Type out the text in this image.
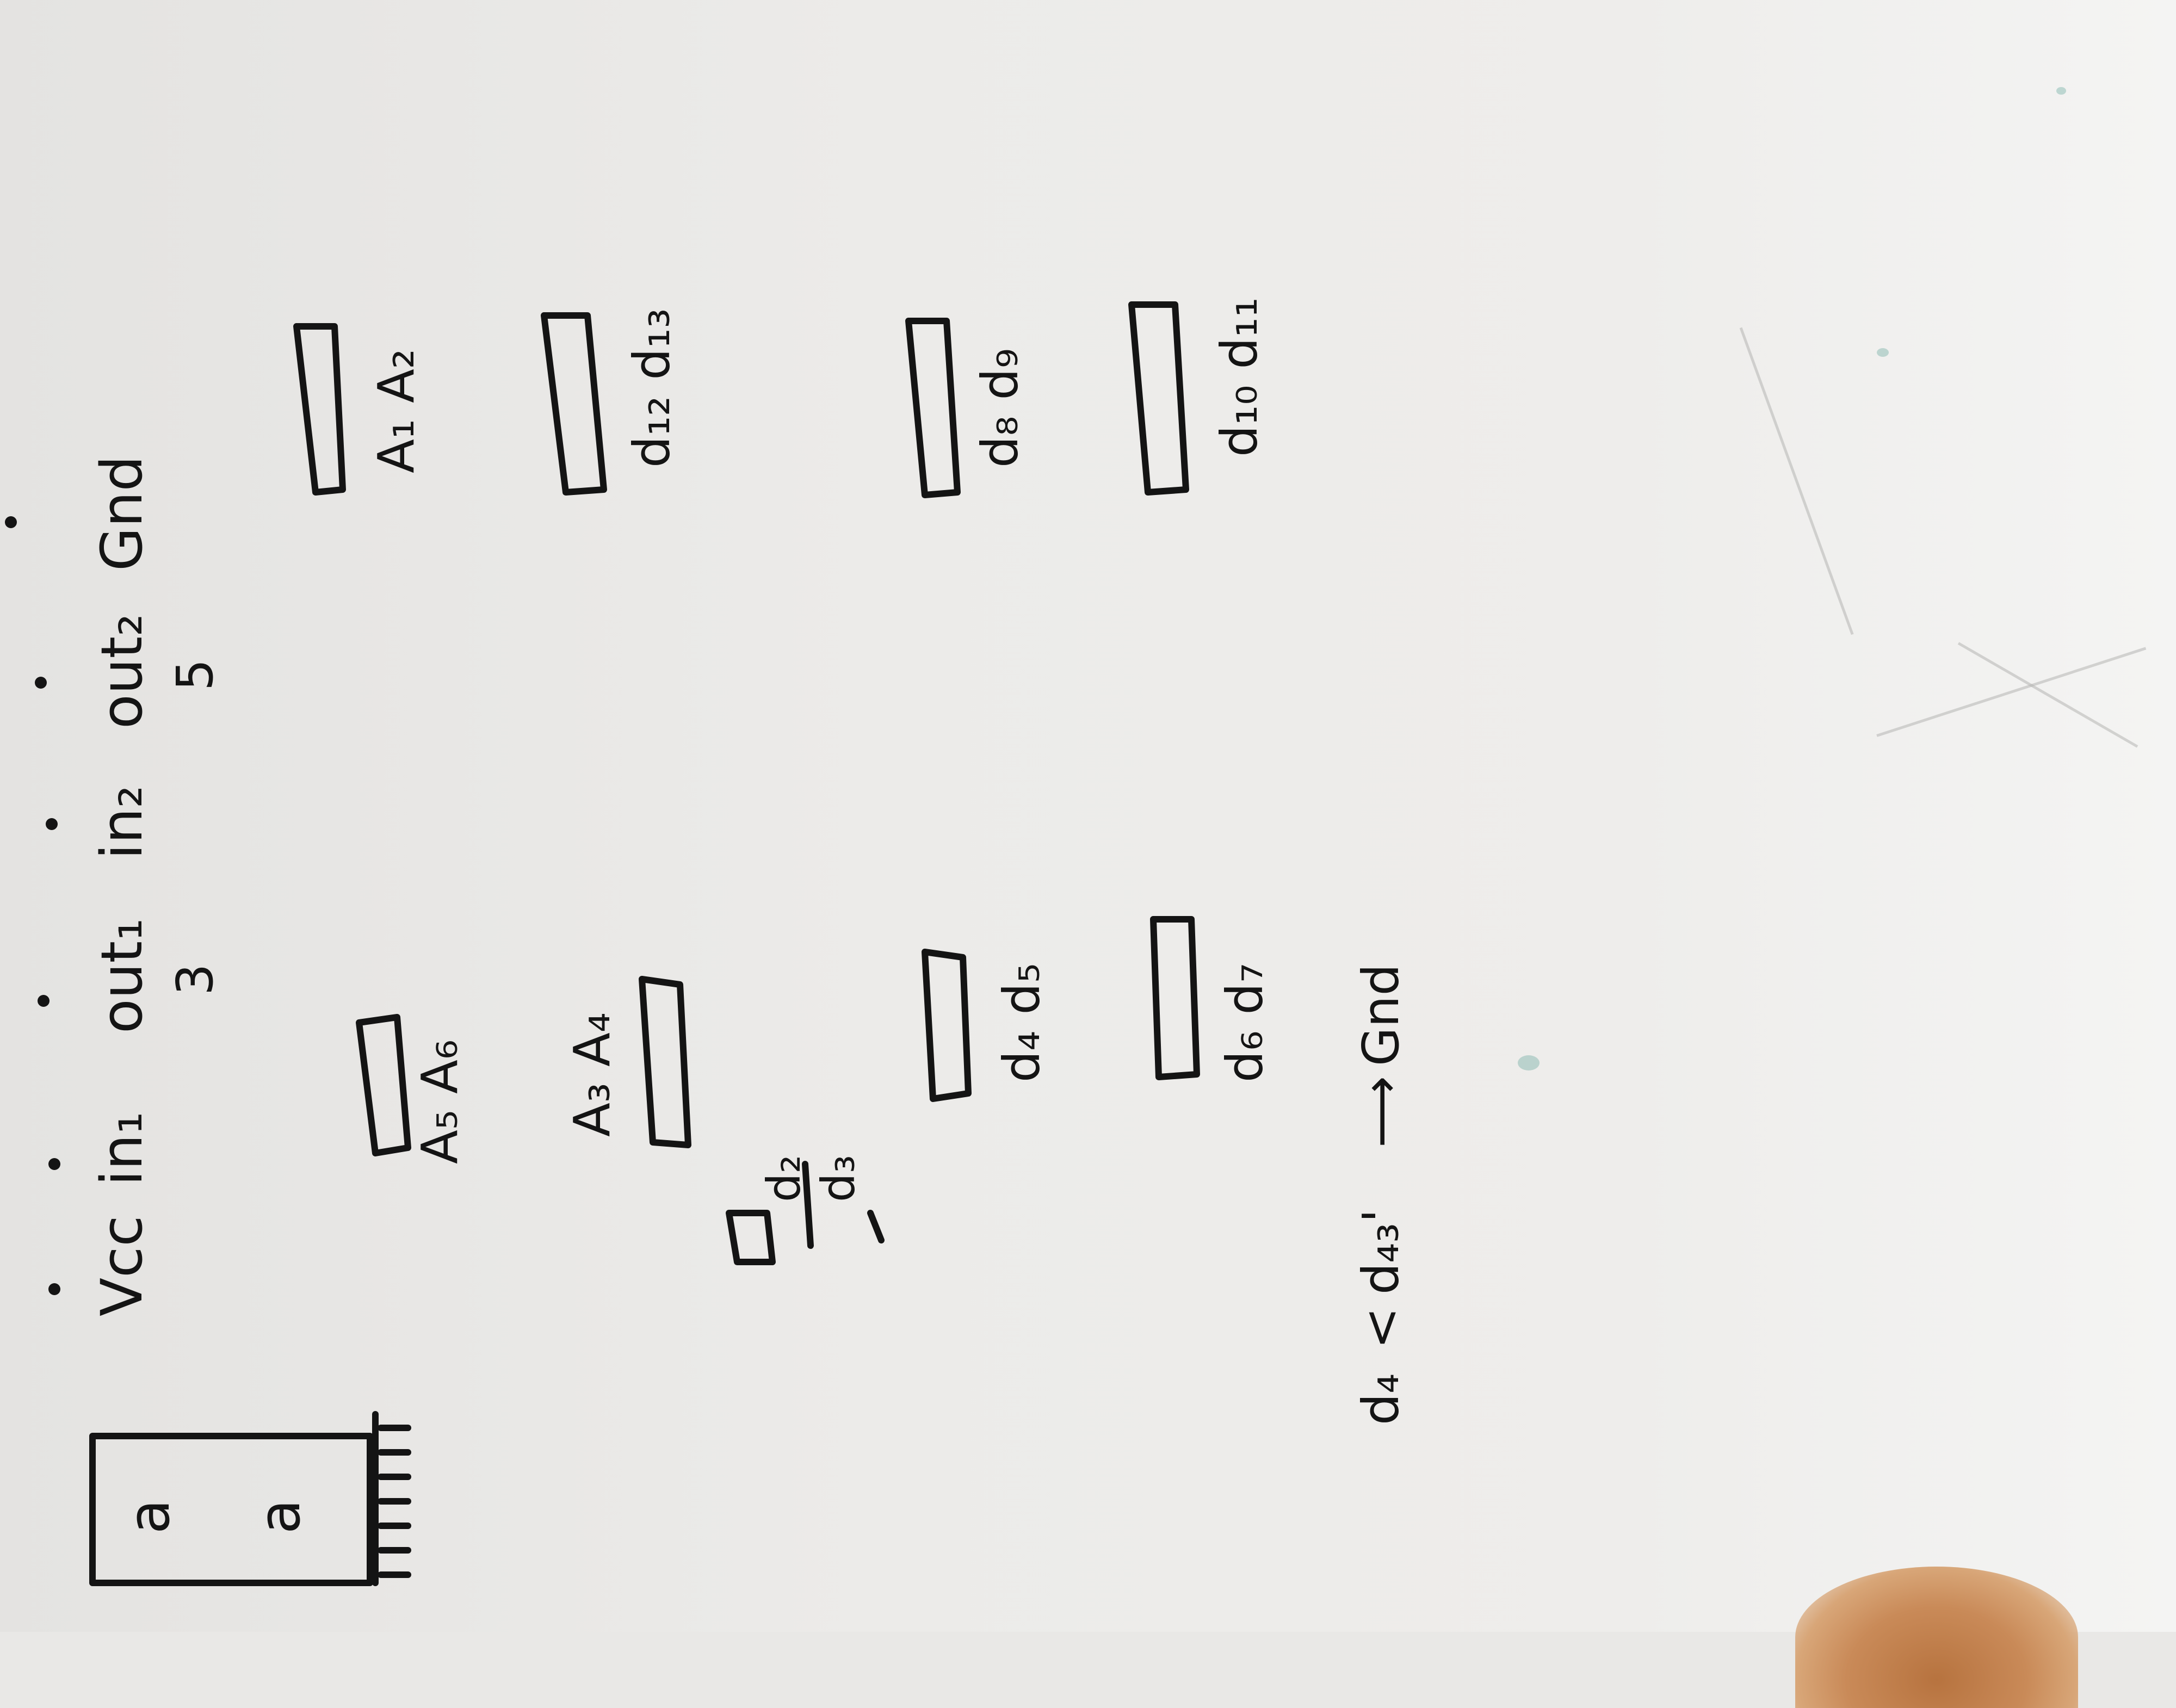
Vcc
in₁
out₁ 3
in₂
out₂ 5
Gnd
a a
A₁ A₂
A₅ A₆ A₃ A₄
d₂ d₃
d₁₂ d₁₃
d₄ d₅
d₈ d₉
d₆ d₇
d₁₀ d₁₁
d₄
<
d₄₃'
⟶
Gnd
